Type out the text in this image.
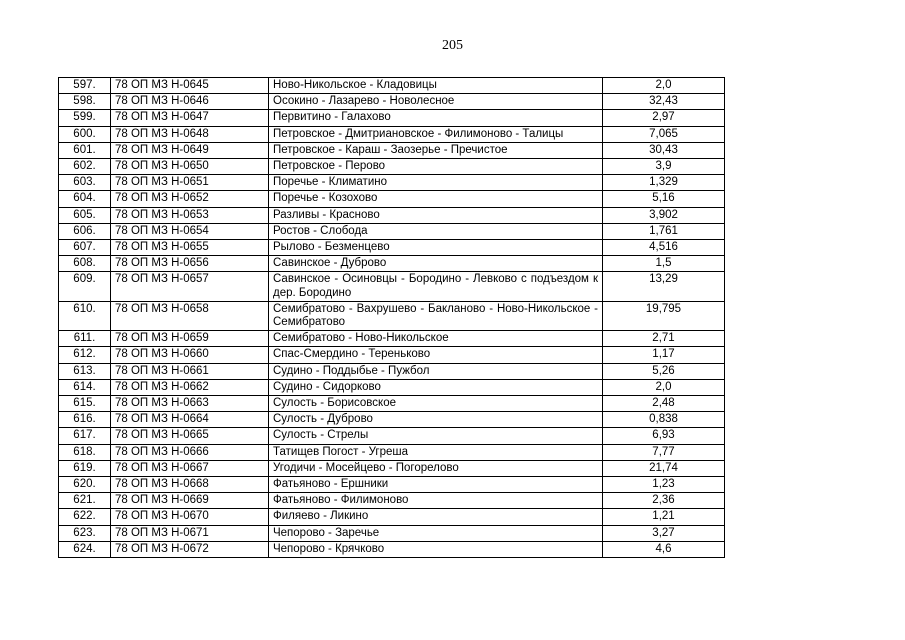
205
597.	78 ОП МЗ Н-0645	Ново-Никольское - Кладовицы	2,0
598.	78 ОП МЗ Н-0646	Осокино - Лазарево - Новолесное	32,43
599.	78 ОП МЗ Н-0647	Первитино - Галахово	2,97
600.	78 ОП МЗ Н-0648	Петровское - Дмитриановское - Филимоново - Талицы	7,065
601.	78 ОП МЗ Н-0649	Петровское - Караш - Заозерье - Пречистое	30,43
602.	78 ОП МЗ Н-0650	Петровское - Перово	3,9
603.	78 ОП МЗ Н-0651	Поречье - Климатино	1,329
604.	78 ОП МЗ Н-0652	Поречье - Козохово	5,16
605.	78 ОП МЗ Н-0653	Разливы - Красново	3,902
606.	78 ОП МЗ Н-0654	Ростов - Слобода	1,761
607.	78 ОП МЗ Н-0655	Рылово - Безменцево	4,516
608.	78 ОП МЗ Н-0656	Савинское - Дуброво	1,5
609.	78 ОП МЗ Н-0657	Савинское - Осиновцы - Бородино - Левково с подъездом к дер. Бородино	13,29
610.	78 ОП МЗ Н-0658	Семибратово - Вахрушево - Бакланово - Ново-Никольское - Семибратово	19,795
611.	78 ОП МЗ Н-0659	Семибратово - Ново-Никольское	2,71
612.	78 ОП МЗ Н-0660	Спас-Смердино - Тереньково	1,17
613.	78 ОП МЗ Н-0661	Судино - Поддыбье - Пужбол	5,26
614.	78 ОП МЗ Н-0662	Судино - Сидорково	2,0
615.	78 ОП МЗ Н-0663	Сулость - Борисовское	2,48
616.	78 ОП МЗ Н-0664	Сулость - Дуброво	0,838
617.	78 ОП МЗ Н-0665	Сулость - Стрелы	6,93
618.	78 ОП МЗ Н-0666	Татищев Погост - Угреша	7,77
619.	78 ОП МЗ Н-0667	Угодичи - Мосейцево - Погорелово	21,74
620.	78 ОП МЗ Н-0668	Фатьяново - Ершники	1,23
621.	78 ОП МЗ Н-0669	Фатьяново - Филимоново	2,36
622.	78 ОП МЗ Н-0670	Филяево - Ликино	1,21
623.	78 ОП МЗ Н-0671	Чепорово - Заречье	3,27
624.	78 ОП МЗ Н-0672	Чепорово - Крячково	4,6
